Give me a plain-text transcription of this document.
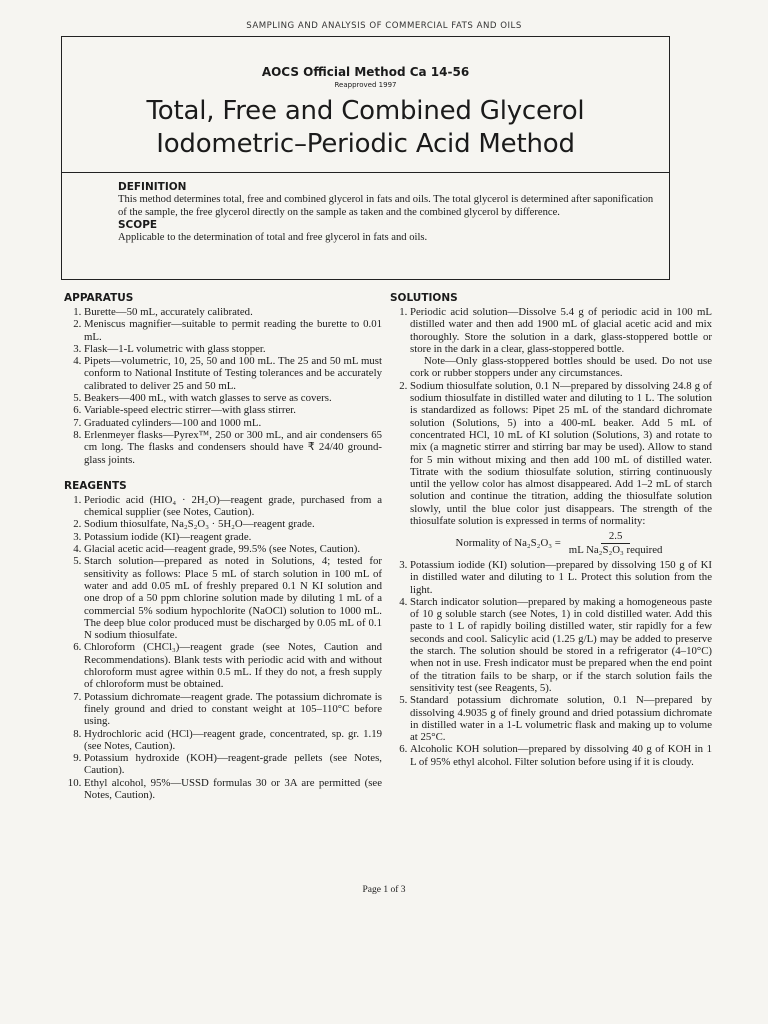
SAMPLING AND ANALYSIS OF COMMERCIAL FATS AND OILS
AOCS Official Method Ca 14-56
Reapproved 1997
Total, Free and Combined Glycerol
Iodometric–Periodic Acid Method
DEFINITION
This method determines total, free and combined glycerol in fats and oils. The total glycerol is determined after saponification of the sample, the free glycerol directly on the sample as taken and the combined glycerol by difference.
SCOPE
Applicable to the determination of total and free glycerol in fats and oils.
APPARATUS
1. Burette—50 mL, accurately calibrated.
2. Meniscus magnifier—suitable to permit reading the burette to 0.01 mL.
3. Flask—1-L volumetric with glass stopper.
4. Pipets—volumetric, 10, 25, 50 and 100 mL. The 25 and 50 mL must conform to National Institute of Testing tolerances and be accurately calibrated to deliver 25 and 50 mL.
5. Beakers—400 mL, with watch glasses to serve as covers.
6. Variable-speed electric stirrer—with glass stirrer.
7. Graduated cylinders—100 and 1000 mL.
8. Erlenmeyer flasks—Pyrex™, 250 or 300 mL, and air condensers 65 cm long. The flasks and condensers should have ₹ 24/40 ground-glass joints.
REAGENTS
1. Periodic acid (HIO₄ · 2H₂O)—reagent grade, purchased from a chemical supplier (see Notes, Caution).
2. Sodium thiosulfate, Na₂S₂O₃ · 5H₂O—reagent grade.
3. Potassium iodide (KI)—reagent grade.
4. Glacial acetic acid—reagent grade, 99.5% (see Notes, Caution).
5. Starch solution—prepared as noted in Solutions, 4; tested for sensitivity as follows: Place 5 mL of starch solution in 100 mL of water and add 0.05 mL of freshly prepared 0.1 N KI solution and one drop of a 50 ppm chlorine solution made by diluting 1 mL of a commercial 5% sodium hypochlorite (NaOCl) solution to 1000 mL. The deep blue color produced must be discharged by 0.05 mL of 0.1 N sodium thiosulfate.
6. Chloroform (CHCl₃)—reagent grade (see Notes, Caution and Recommendations). Blank tests with periodic acid with and without chloroform must agree within 0.5 mL. If they do not, a fresh supply of chloroform must be obtained.
7. Potassium dichromate—reagent grade. The potassium dichromate is finely ground and dried to constant weight at 105–110°C before using.
8. Hydrochloric acid (HCl)—reagent grade, concentrated, sp. gr. 1.19 (see Notes, Caution).
9. Potassium hydroxide (KOH)—reagent-grade pellets (see Notes, Caution).
10. Ethyl alcohol, 95%—USSD formulas 30 or 3A are permitted (see Notes, Caution).
SOLUTIONS
1. Periodic acid solution—Dissolve 5.4 g of periodic acid in 100 mL distilled water and then add 1900 mL of glacial acetic acid and mix thoroughly. Store the solution in a dark, glass-stoppered bottle or store in the dark in a clear, glass-stoppered bottle.
Note—Only glass-stoppered bottles should be used. Do not use cork or rubber stoppers under any circumstances.
2. Sodium thiosulfate solution, 0.1 N—prepared by dissolving 24.8 g of sodium thiosulfate in distilled water and diluting to 1 L. The solution is standardized as follows: Pipet 25 mL of the standard dichromate solution (Solutions, 5) into a 400-mL beaker. Add 5 mL of concentrated HCl, 10 mL of KI solution (Solutions, 3) and rotate to mix (a magnetic stirrer and stirring bar may be used). Allow to stand for 5 min without mixing and then add 100 mL of distilled water. Titrate with the sodium thiosulfate solution, stirring continuously until the yellow color has almost disappeared. Add 1–2 mL of starch solution and continue the titration, adding the thiosulfate solution slowly, until the blue color just disappears. The strength of the thiosulfate solution is expressed in terms of normality:
Normality of $Na_2S_2O_3 = \frac{2.5}{\text{mL Na₂S₂O₃ required}}$
3. Potassium iodide (KI) solution—prepared by dissolving 150 g of KI in distilled water and diluting to 1 L. Protect this solution from the light.
4. Starch indicator solution—prepared by making a homogeneous paste of 10 g soluble starch (see Notes, 1) in cold distilled water. Add this paste to 1 L of rapidly boiling distilled water, stir rapidly for a few seconds and cool. Salicylic acid (1.25 g/L) may be added to preserve the starch. The solution should be stored in a refrigerator (4–10°C) when not in use. Fresh indicator must be prepared when the end point of the titration fails to be sharp, or if the starch solution fails the sensitivity test (see Reagents, 5).
5. Standard potassium dichromate solution, 0.1 N—prepared by dissolving 4.9035 g of finely ground and dried potassium dichromate in distilled water in a 1-L volumetric flask and making up to volume at 25°C.
6. Alcoholic KOH solution—prepared by dissolving 40 g of KOH in 1 L of 95% ethyl alcohol. Filter solution before using if it is cloudy.
Page 1 of 3
